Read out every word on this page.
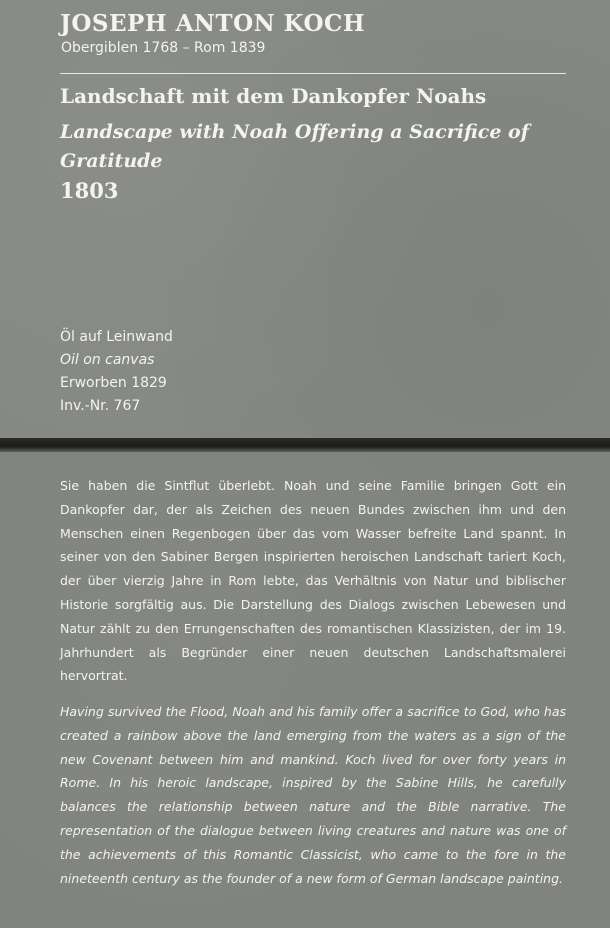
JOSEPH ANTON KOCH

Obergiblen 1768 – Rom 1839

Landschaft mit dem Dankopfer Noahs
Landscape with Noah Offering a Sacrifice of Gratitude
1803
Öl auf Leinwand
Oil on canvas
Erworben 1829
Inv.-Nr. 767

Sie haben die Sintflut überlebt. Noah und seine Familie bringen Gott ein Dankopfer dar, der als Zeichen des neuen Bundes zwischen ihm und den Menschen einen Regenbogen über das vom Wasser befreite Land spannt. In seiner von den Sabiner Bergen inspirierten heroischen Landschaft tariert Koch, der über vierzig Jahre in Rom lebte, das Verhältnis von Natur und biblischer Historie sorgfältig aus. Die Darstellung des Dialogs zwischen Lebewesen und Natur zählt zu den Errungenschaften des romantischen Klassizisten, der im 19. Jahrhundert als Begründer einer neuen deutschen Landschaftsmalerei hervortrat.

Having survived the Flood, Noah and his family offer a sacrifice to God, who has created a rainbow above the land emerging from the waters as a sign of the new Covenant between him and mankind. Koch lived for over forty years in Rome. In his heroic landscape, inspired by the Sabine Hills, he carefully balances the relationship between nature and the Bible narrative. The representation of the dialogue between living creatures and nature was one of the achievements of this Romantic Classicist, who came to the fore in the nineteenth century as the founder of a new form of German landscape painting.
